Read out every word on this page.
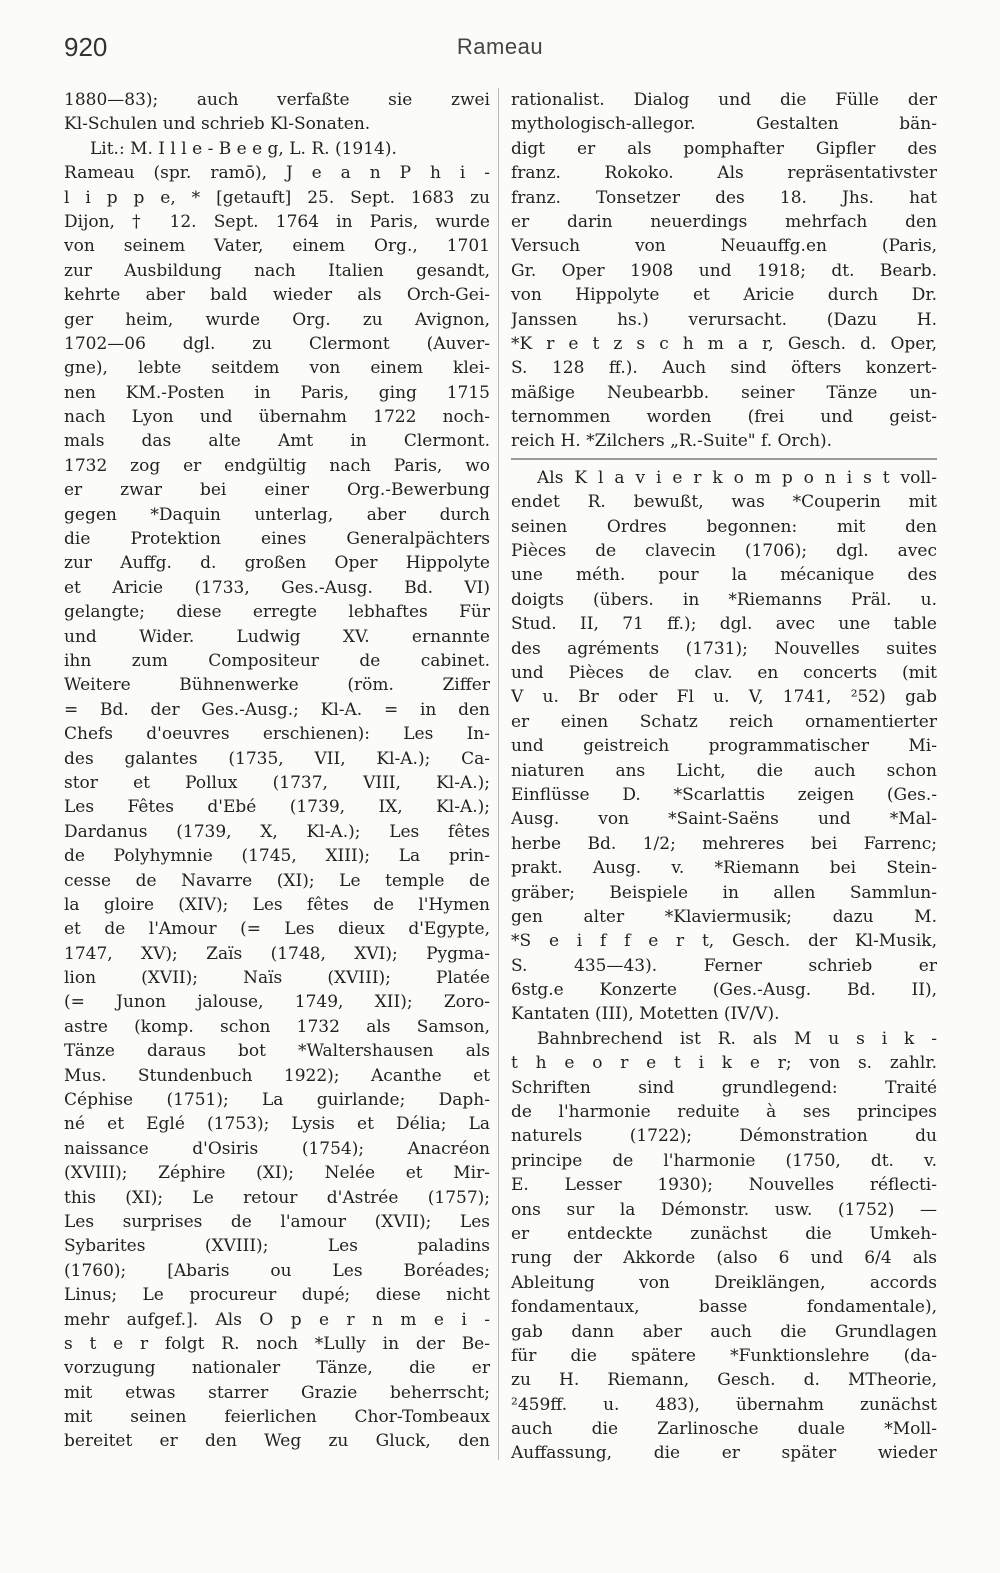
920	Rameau
1880—83); auch verfaßte sie zwei
Kl-Schulen und schrieb Kl-Sonaten.
Lit.: M. I l l e - B e e g, L. R. (1914).
Rameau (spr. ramō), J e a n P h i -
l i p p e, * [getauft] 25. Sept. 1683 zu
Dijon, † 12. Sept. 1764 in Paris, wurde
von seinem Vater, einem Org., 1701
zur Ausbildung nach Italien gesandt,
kehrte aber bald wieder als Orch-Gei-
ger heim, wurde Org. zu Avignon,
1702—06 dgl. zu Clermont (Auver-
gne), lebte seitdem von einem klei-
nen KM.-Posten in Paris, ging 1715
nach Lyon und übernahm 1722 noch-
mals das alte Amt in Clermont.
1732 zog er endgültig nach Paris, wo
er zwar bei einer Org.-Bewerbung
gegen *Daquin unterlag, aber durch
die Protektion eines Generalpächters
zur Auffg. d. großen Oper Hippolyte
et Aricie (1733, Ges.-Ausg. Bd. VI)
gelangte; diese erregte lebhaftes Für
und Wider. Ludwig XV. ernannte
ihn zum Compositeur de cabinet.
Weitere Bühnenwerke (röm. Ziffer
= Bd. der Ges.-Ausg.; Kl-A. = in den
Chefs d'oeuvres erschienen): Les In-
des galantes (1735, VII, Kl-A.); Ca-
stor et Pollux (1737, VIII, Kl-A.);
Les Fêtes d'Ebé (1739, IX, Kl-A.);
Dardanus (1739, X, Kl-A.); Les fêtes
de Polyhymnie (1745, XIII); La prin-
cesse de Navarre (XI); Le temple de
la gloire (XIV); Les fêtes de l'Hymen
et de l'Amour (= Les dieux d'Egypte,
1747, XV); Zaïs (1748, XVI); Pygma-
lion (XVII); Naïs (XVIII); Platée
(= Junon jalouse, 1749, XII); Zoro-
astre (komp. schon 1732 als Samson,
Tänze daraus bot *Waltershausen als
Mus. Stundenbuch 1922); Acanthe et
Céphise (1751); La guirlande; Daph-
né et Eglé (1753); Lysis et Délia; La
naissance d'Osiris (1754); Anacréon
(XVIII); Zéphire (XI); Nelée et Mir-
this (XI); Le retour d'Astrée (1757);
Les surprises de l'amour (XVII); Les
Sybarites (XVIII); Les paladins
(1760); [Abaris ou Les Boréades;
Linus; Le procureur dupé; diese nicht
mehr aufgef.]. Als O p e r n m e i -
s t e r folgt R. noch *Lully in der Be-
vorzugung nationaler Tänze, die er
mit etwas starrer Grazie beherrscht;
mit seinen feierlichen Chor-Tombeaux
bereitet er den Weg zu Gluck, den
rationalist. Dialog und die Fülle der
mythologisch-allegor. Gestalten bän-
digt er als pomphafter Gipfler des
franz. Rokoko. Als repräsentativster
franz. Tonsetzer des 18. Jhs. hat
er darin neuerdings mehrfach den
Versuch von Neuauffg.en (Paris,
Gr. Oper 1908 und 1918; dt. Bearb.
von Hippolyte et Aricie durch Dr.
Janssen hs.) verursacht. (Dazu H.
*K r e t z s c h m a r, Gesch. d. Oper,
S. 128 ff.). Auch sind öfters konzert-
mäßige Neubearbb. seiner Tänze un-
ternommen worden (frei und geist-
reich H. *Zilchers „R.-Suite" f. Orch).
Als K l a v i e r k o m p o n i s t voll-
endet R. bewußt, was *Couperin mit
seinen Ordres begonnen: mit den
Pièces de clavecin (1706); dgl. avec
une méth. pour la mécanique des
doigts (übers. in *Riemanns Präl. u.
Stud. II, 71 ff.); dgl. avec une table
des agréments (1731); Nouvelles suites
und Pièces de clav. en concerts (mit
V u. Br oder Fl u. V, 1741, ²52) gab
er einen Schatz reich ornamentierter
und geistreich programmatischer Mi-
niaturen ans Licht, die auch schon
Einflüsse D. *Scarlattis zeigen (Ges.-
Ausg. von *Saint-Saëns und *Mal-
herbe Bd. 1/2; mehreres bei Farrenc;
prakt. Ausg. v. *Riemann bei Stein-
gräber; Beispiele in allen Sammlun-
gen alter *Klaviermusik; dazu M.
*S e i f f e r t, Gesch. der Kl-Musik,
S. 435—43). Ferner schrieb er
6stg.e Konzerte (Ges.-Ausg. Bd. II),
Kantaten (III), Motetten (IV/V).
Bahnbrechend ist R. als M u s i k -
t h e o r e t i k e r; von s. zahlr.
Schriften sind grundlegend: Traité
de l'harmonie reduite à ses principes
naturels (1722); Démonstration du
principe de l'harmonie (1750, dt. v.
E. Lesser 1930); Nouvelles réflecti-
ons sur la Démonstr. usw. (1752) —
er entdeckte zunächst die Umkeh-
rung der Akkorde (also 6 und 6/4 als
Ableitung von Dreiklängen, accords
fondamentaux, basse fondamentale),
gab dann aber auch die Grundlagen
für die spätere *Funktionslehre (da-
zu H. Riemann, Gesch. d. MTheorie,
²459ff. u. 483), übernahm zunächst
auch die Zarlinosche duale *Moll-
Auffassung, die er später wieder
